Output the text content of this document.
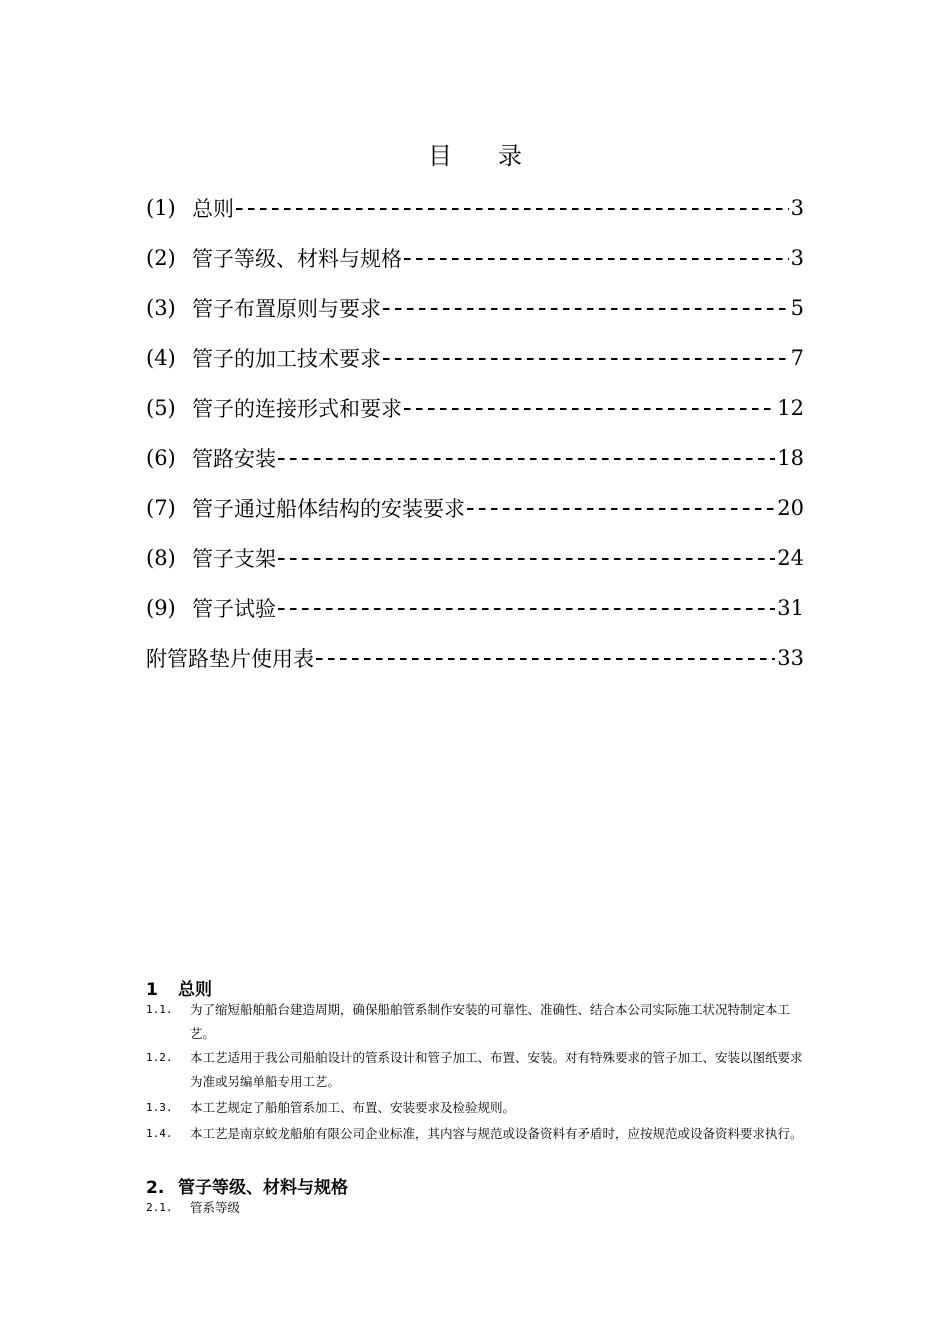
目 录
(1) 总则	3
(2) 管子等级、材料与规格	3
(3) 管子布置原则与要求	5
(4) 管子的加工技术要求	7
(5) 管子的连接形式和要求	12
(6) 管路安装	18
(7) 管子通过船体结构的安装要求	20
(8) 管子支架	24
(9) 管子试验	31
附管路垫片使用表	33
1 总则
1.1.	为了缩短船舶船台建造周期，确保船舶管系制作安装的可靠性、准确性、结合本公司实际施工状况特制定本工艺。
1.2.	本工艺适用于我公司船舶设计的管系设计和管子加工、布置、安装。对有特殊要求的管子加工、安装以图纸要求为准或另编单船专用工艺。
1.3.	本工艺规定了船舶管系加工、布置、安装要求及检验规则。
1.4.	本工艺是南京蛟龙船舶有限公司企业标准，其内容与规范或设备资料有矛盾时，应按规范或设备资料要求执行。
2. 管子等级、材料与规格
2.1.	管系等级
